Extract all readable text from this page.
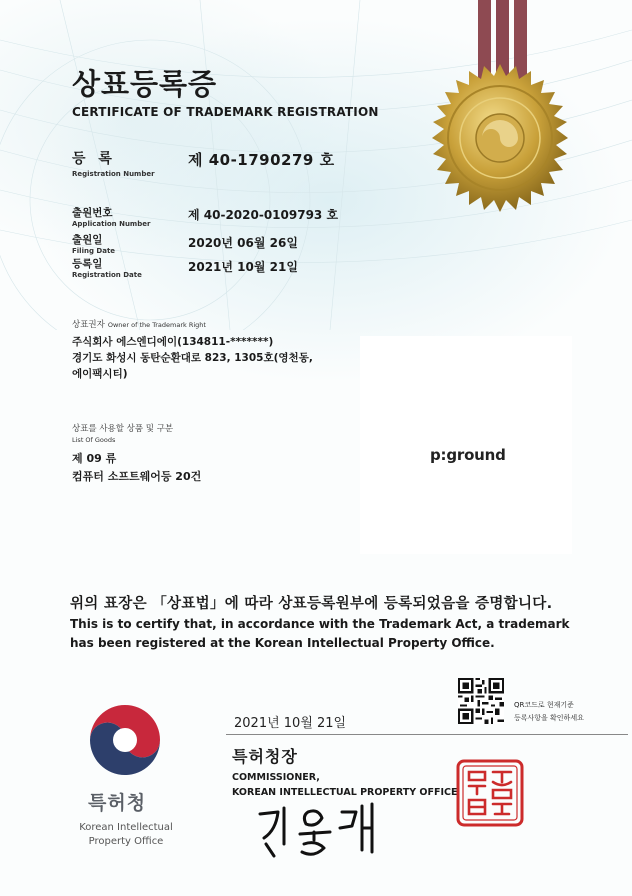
상표등록증
CERTIFICATE OF TRADEMARK REGISTRATION
등 록
Registration Number
제 40-1790279 호
출원번호
Application Number
제 40-2020-0109793 호
출원일
Filing Date
2020년 06월 26일
등록일
Registration Date
2021년 10월 21일
상표권자 Owner of the Trademark Right
주식회사 에스엔디에이(134811-*******)
경기도 화성시 동탄순환대로 823, 1305호(영천동,
에이팩시티)
상표를 사용할 상품 및 구분
List Of Goods
제 09 류
컴퓨터 소프트웨어등 20건
p:ground
위의 표장은 「상표법」에 따라 상표등록원부에 등록되었음을 증명합니다.
This is to certify that, in accordance with the Trademark Act, a trademark
has been registered at the Korean Intellectual Property Office.
특허청
Korean Intellectual
Property Office
2021년 10월 21일
특허청장
COMMISSIONER,
KOREAN INTELLECTUAL PROPERTY OFFICE
QR코드로 현재기준
등록사항을 확인하세요
